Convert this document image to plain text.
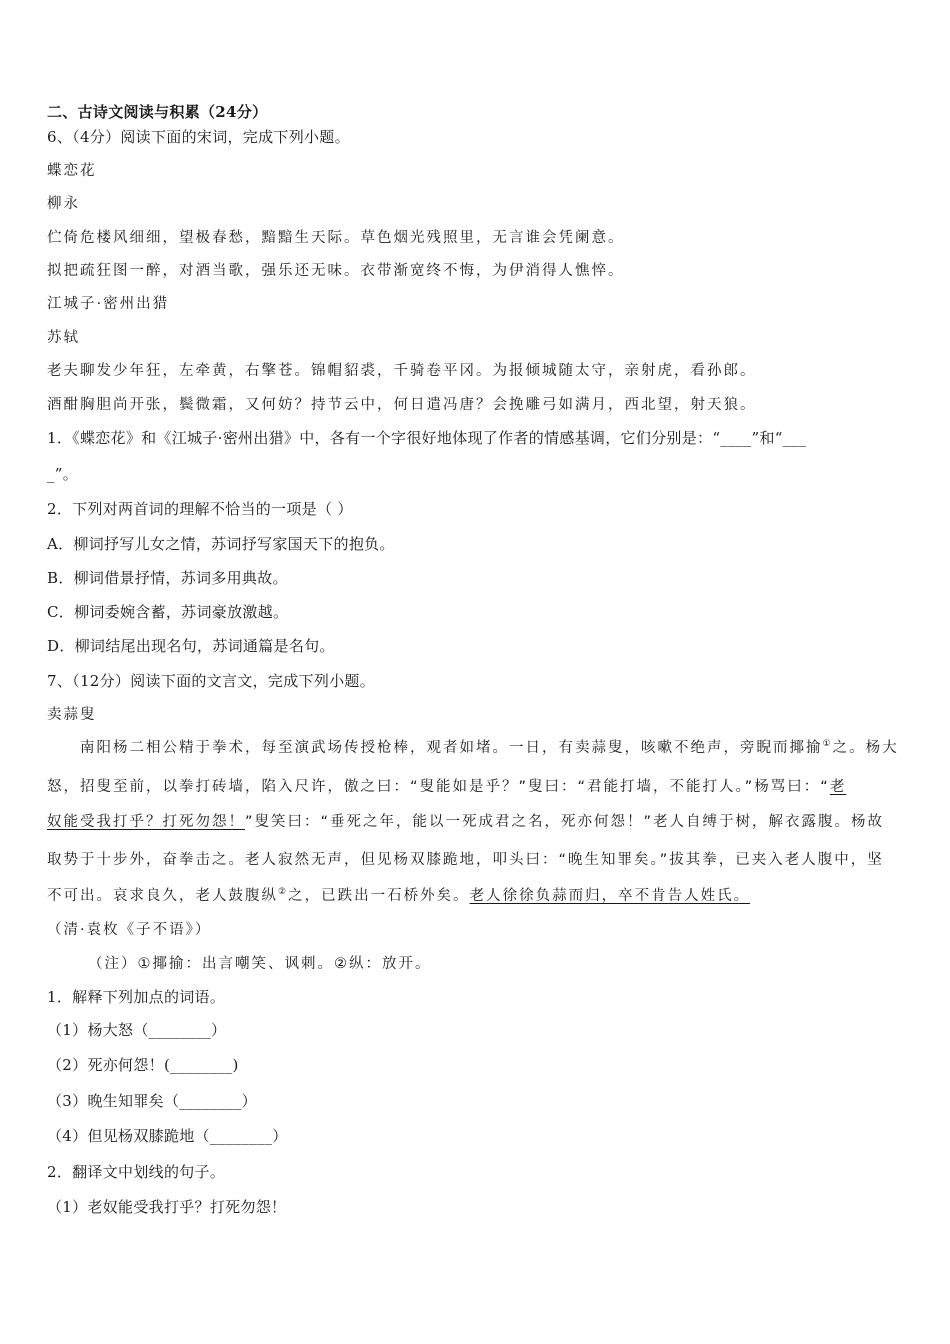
二、古诗文阅读与积累（24分）
6、（4分）阅读下面的宋词，完成下列小题。
蝶恋花
柳永
伫倚危楼风细细，望极春愁，黯黯生天际。草色烟光残照里，无言谁会凭阑意。
拟把疏狂图一醉，对酒当歌，强乐还无味。衣带渐宽终不悔，为伊消得人憔悴。
江城子·密州出猎
苏轼
老夫聊发少年狂，左牵黄，右擎苍。锦帽貂裘，千骑卷平冈。为报倾城随太守，亲射虎，看孙郎。
酒酣胸胆尚开张，鬓微霜，又何妨？持节云中，何日遣冯唐？会挽雕弓如满月，西北望，射天狼。
1．《蝶恋花》和《江城子·密州出猎》中，各有一个字很好地体现了作者的情感基调，它们分别是：“____”和“___
_”。
2．下列对两首词的理解不恰当的一项是（ ）
A．柳词抒写儿女之情，苏词抒写家国天下的抱负。
B．柳词借景抒情，苏词多用典故。
C．柳词委婉含蓄，苏词豪放激越。
D．柳词结尾出现名句，苏词通篇是名句。
7、（12分）阅读下面的文言文，完成下列小题。
卖蒜叟
南阳杨二相公精于拳术，每至演武场传授枪棒，观者如堵。一日，有卖蒜叟，咳嗽不绝声，旁睨而揶揄①之。杨大
怒，招叟至前，以拳打砖墙，陷入尺许，傲之曰：“叟能如是乎？”叟曰：“君能打墙，不能打人。”杨骂曰：“老
奴能受我打乎？打死勿怨！”叟笑曰：“垂死之年，能以一死成君之名，死亦何怨！”老人自缚于树，解衣露腹。杨故
取势于十步外，奋拳击之。老人寂然无声，但见杨双膝跪地，叩头曰：“晚生知罪矣。”拔其拳，已夹入老人腹中，坚
不可出。哀求良久，老人鼓腹纵②之，已跌出一石桥外矣。老人徐徐负蒜而归，卒不肯告人姓氏。
（清·袁枚《子不语》）
（注）①揶揄：出言嘲笑、讽刺。②纵：放开。
1．解释下列加点的词语。
（1）杨大怒（________）
（2）死亦何怨！(________)
（3）晚生知罪矣（________）
（4）但见杨双膝跪地（________）
2．翻译文中划线的句子。
（1）老奴能受我打乎？打死勿怨！
